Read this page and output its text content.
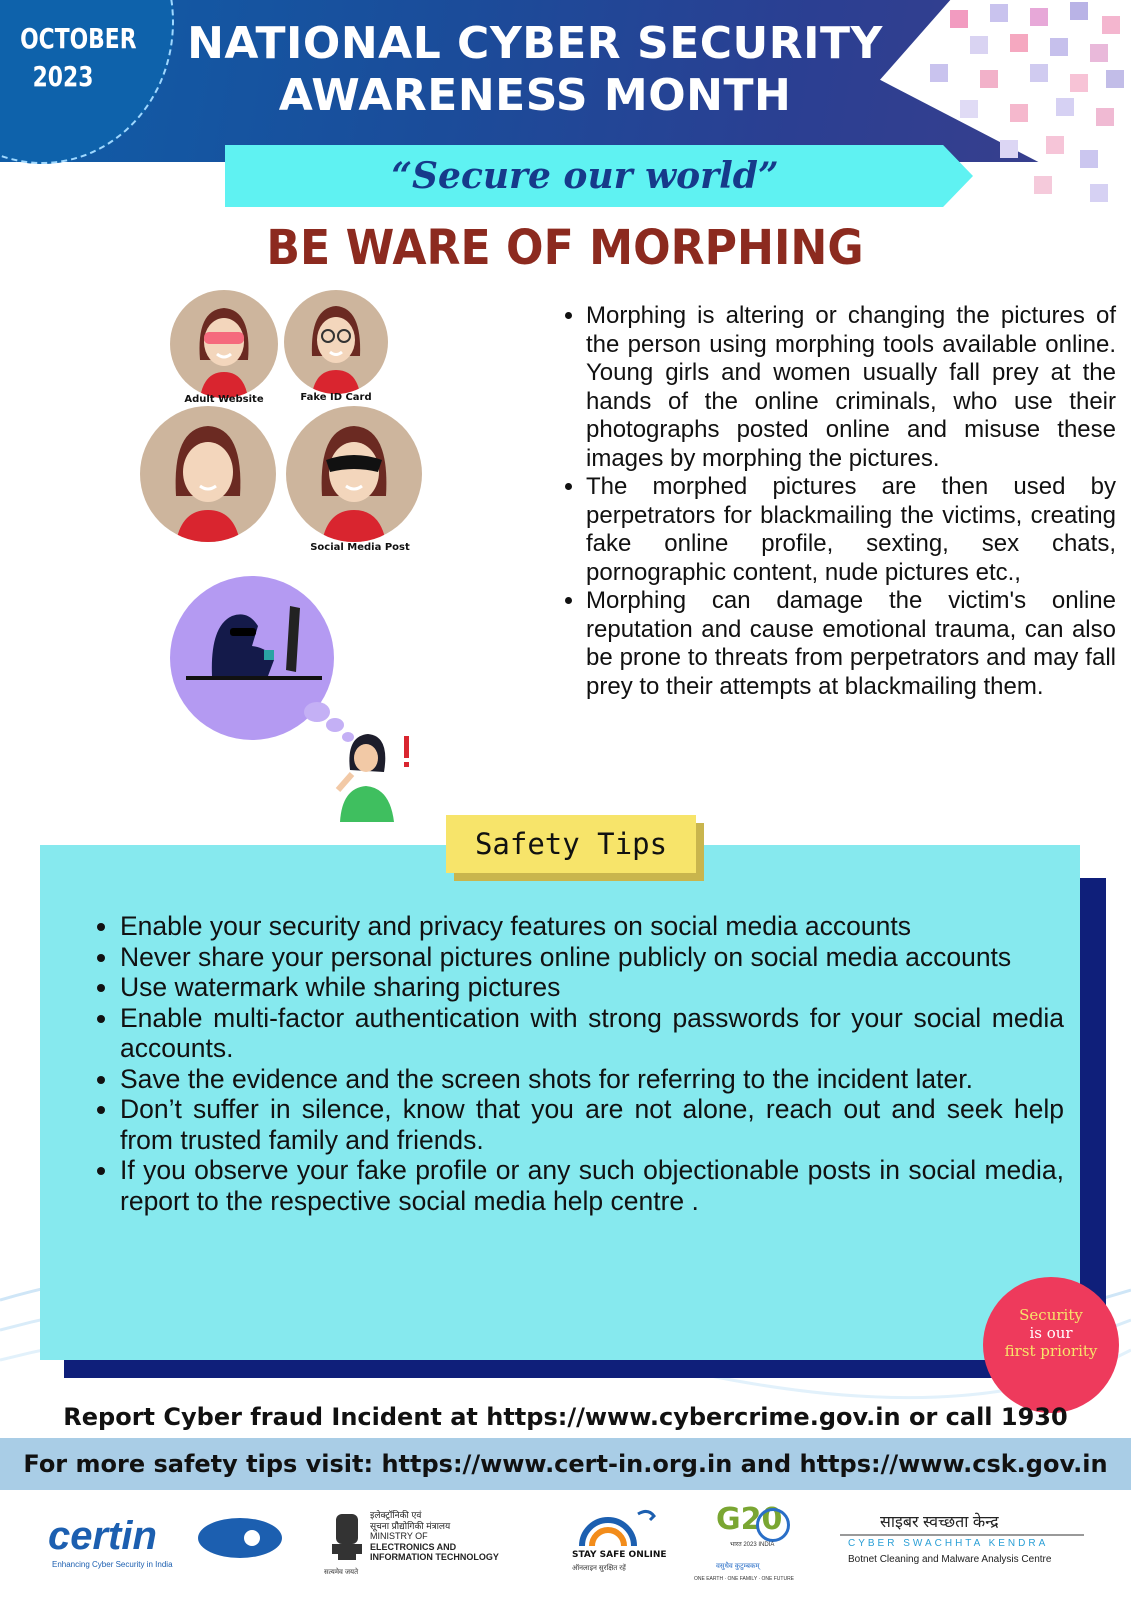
OCTOBER
2023
NATIONAL CYBER SECURITY
AWARENESS MONTH
“Secure our world”
BE WARE OF MORPHING
Adult Website	Fake ID Card
Social Media Post
• Morphing is altering or changing the pictures of the person using morphing tools available online. Young girls and women usually fall prey at the hands of the online criminals, who use their photographs posted online and misuse these images by morphing the pictures.
• The morphed pictures are then used by perpetrators for blackmailing the victims, creating fake online profile, sexting, sex chats, pornographic content, nude pictures etc.,
• Morphing can damage the victim's online reputation and cause emotional trauma, can also be prone to threats from perpetrators and may fall prey to their attempts at blackmailing them.
Safety Tips
• Enable your security and privacy features on social media accounts
• Never share your personal pictures online publicly on social media accounts
• Use watermark while sharing pictures
• Enable multi-factor authentication with strong passwords for your social media accounts.
• Save the evidence and the screen shots for referring to the incident later.
• Don’t suffer in silence, know that you are not alone, reach out and seek help from trusted family and friends.
• If you observe your fake profile or any such objectionable posts in social media, report to the respective social media help centre .
Security
is our
first priority
Report Cyber fraud Incident at https://www.cybercrime.gov.in or call 1930
For more safety tips visit: https://www.cert-in.org.in and https://www.csk.gov.in
certin
Enhancing Cyber Security in India
सत्यमेव जयते
इलेक्ट्रॉनिकी एवं
सूचना प्रौद्योगिकी मंत्रालय
MINISTRY OF
ELECTRONICS AND
INFORMATION TECHNOLOGY	STAY SAFE ONLINE
ऑनलाइन सुरक्षित रहें
G20
भारत 2023 INDIA
वसुधैव कुटुम्बकम्
ONE EARTH · ONE FAMILY · ONE FUTURE
साइबर स्वच्छता केन्द्र
CYBER SWACHHTA KENDRA
Botnet Cleaning and Malware Analysis Centre
